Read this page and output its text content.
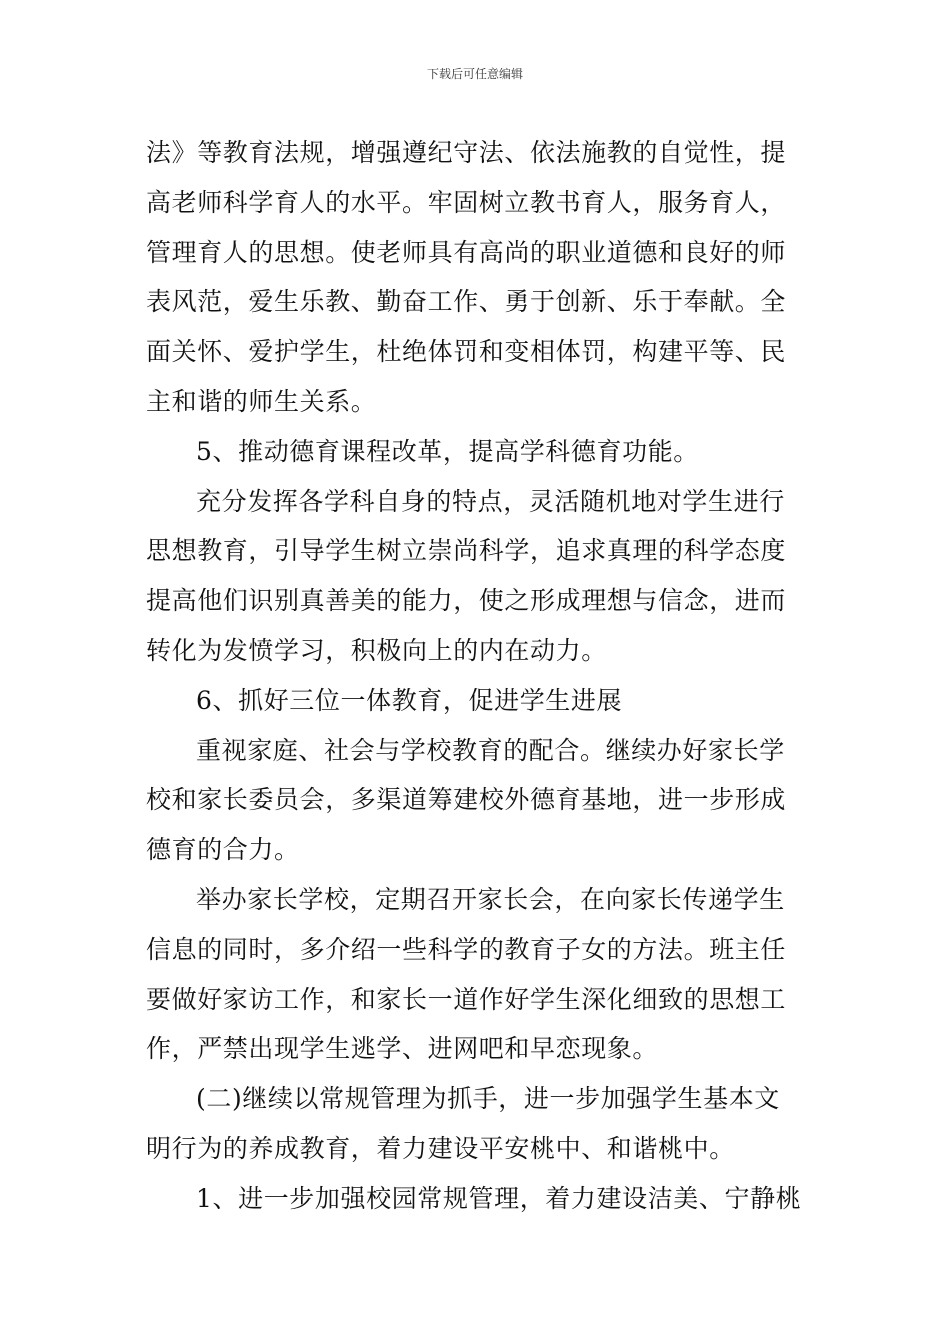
下载后可任意编辑
法》等教育法规，增强遵纪守法、依法施教的自觉性，提
高老师科学育人的水平。牢固树立教书育人，服务育人，
管理育人的思想。使老师具有高尚的职业道德和良好的师
表风范，爱生乐教、勤奋工作、勇于创新、乐于奉献。全
面关怀、爱护学生，杜绝体罚和变相体罚，构建平等、民
主和谐的师生关系。
5、推动德育课程改革，提高学科德育功能。
充分发挥各学科自身的特点，灵活随机地对学生进行
思想教育，引导学生树立崇尚科学，追求真理的科学态度
提高他们识别真善美的能力，使之形成理想与信念，进而
转化为发愤学习，积极向上的内在动力。
6、抓好三位一体教育，促进学生进展
重视家庭、社会与学校教育的配合。继续办好家长学
校和家长委员会，多渠道筹建校外德育基地，进一步形成
德育的合力。
举办家长学校，定期召开家长会，在向家长传递学生
信息的同时，多介绍一些科学的教育子女的方法。班主任
要做好家访工作，和家长一道作好学生深化细致的思想工
作，严禁出现学生逃学、进网吧和早恋现象。
(二)继续以常规管理为抓手，进一步加强学生基本文
明行为的养成教育，着力建设平安桃中、和谐桃中。
1、进一步加强校园常规管理，着力建设洁美、宁静桃
